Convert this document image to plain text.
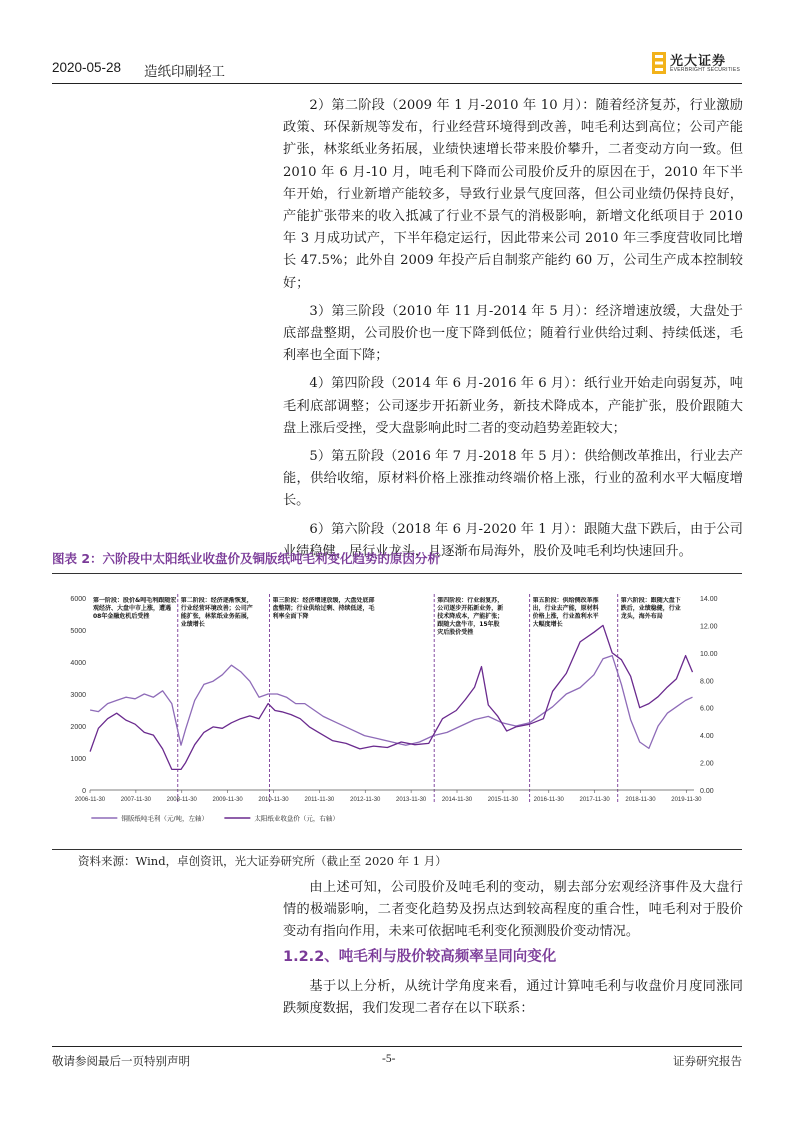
2020-05-28 造纸印刷轻工
光大证券
EVERBRIGHT SECURITIES

2）第二阶段（2009 年 1 月-2010 年 10 月）：随着经济复苏，行业激励政策、环保新规等发布，行业经营环境得到改善，吨毛利达到高位；公司产能扩张，林浆纸业务拓展，业绩快速增长带来股价攀升，二者变动方向一致。但 2010 年 6 月-10 月，吨毛利下降而公司股价反升的原因在于，2010 年下半年开始，行业新增产能较多，导致行业景气度回落，但公司业绩仍保持良好，产能扩张带来的收入抵减了行业不景气的消极影响，新增文化纸项目于 2010 年 3 月成功试产，下半年稳定运行，因此带来公司 2010 年三季度营收同比增长 47.5%；此外自 2009 年投产后自制浆产能约 60 万，公司生产成本控制较好；

3）第三阶段（2010 年 11 月-2014 年 5 月）：经济增速放缓，大盘处于底部盘整期，公司股价也一度下降到低位；随着行业供给过剩、持续低迷，毛利率也全面下降；

4）第四阶段（2014 年 6 月-2016 年 6 月）：纸行业开始走向弱复苏，吨毛利底部调整；公司逐步开拓新业务，新技术降成本，产能扩张，股价跟随大盘上涨后受挫，受大盘影响此时二者的变动趋势差距较大；

5）第五阶段（2016 年 7 月-2018 年 5 月）：供给侧改革推出，行业去产能，供给收缩，原材料价格上涨推动终端价格上涨，行业的盈利水平大幅度增长。

6）第六阶段（2018 年 6 月-2020 年 1 月）：跟随大盘下跌后，由于公司业绩稳健，居行业龙头，且逐渐布局海外，股价及吨毛利均快速回升。

图表 2：六阶段中太阳纸业收盘价及铜版纸吨毛利变化趋势的原因分析
0
1000
2000
3000
4000
5000
6000
0.00
2.00
4.00
6.00
8.00
10.00
12.00
14.00
2006-11-30	2007-11-30	2008-11-30	2009-11-30	2010-11-30	2011-11-30	2012-11-30	2013-11-30	2014-11-30	2015-11-30	2016-11-30	2017-11-30	2018-11-30	2019-11-30
第一阶段：股价&吨毛利跟随宏观经济、大盘中市上涨，遭遇08年金融危机后受挫
第二阶段：经济逐渐恢复，行业经营环境改善；公司产能扩张，林浆纸业务拓展，业绩增长
第三阶段：经济增速放缓，大盘处底部盘整期；行业供给过剩、持续低迷，毛利率全面下降
第四阶段：行业弱复苏，公司逐步开拓新业务，新技术降成本，产能扩张；跟随大盘牛市，15年股灾后股价受挫
第五阶段：供给侧改革推出，行业去产能，原材料价格上涨，行业盈利水平大幅度增长
第六阶段：跟随大盘下跌后，业绩稳健，行业龙头，海外布局
铜版纸吨毛利（元/吨，左轴）	太阳纸业收盘价（元，右轴）
资料来源：Wind，卓创资讯，光大证券研究所（截止至 2020 年 1 月）

由上述可知，公司股价及吨毛利的变动，剔去部分宏观经济事件及大盘行情的极端影响，二者变化趋势及拐点达到较高程度的重合性，吨毛利对于股价变动有指向作用，未来可依据吨毛利变化预测股价变动情况。

1.2.2、吨毛利与股价较高频率呈同向变化

基于以上分析，从统计学角度来看，通过计算吨毛利与收盘价月度同涨同跌频度数据，我们发现二者存在以下联系：

敬请参阅最后一页特别声明	-5-	证券研究报告
